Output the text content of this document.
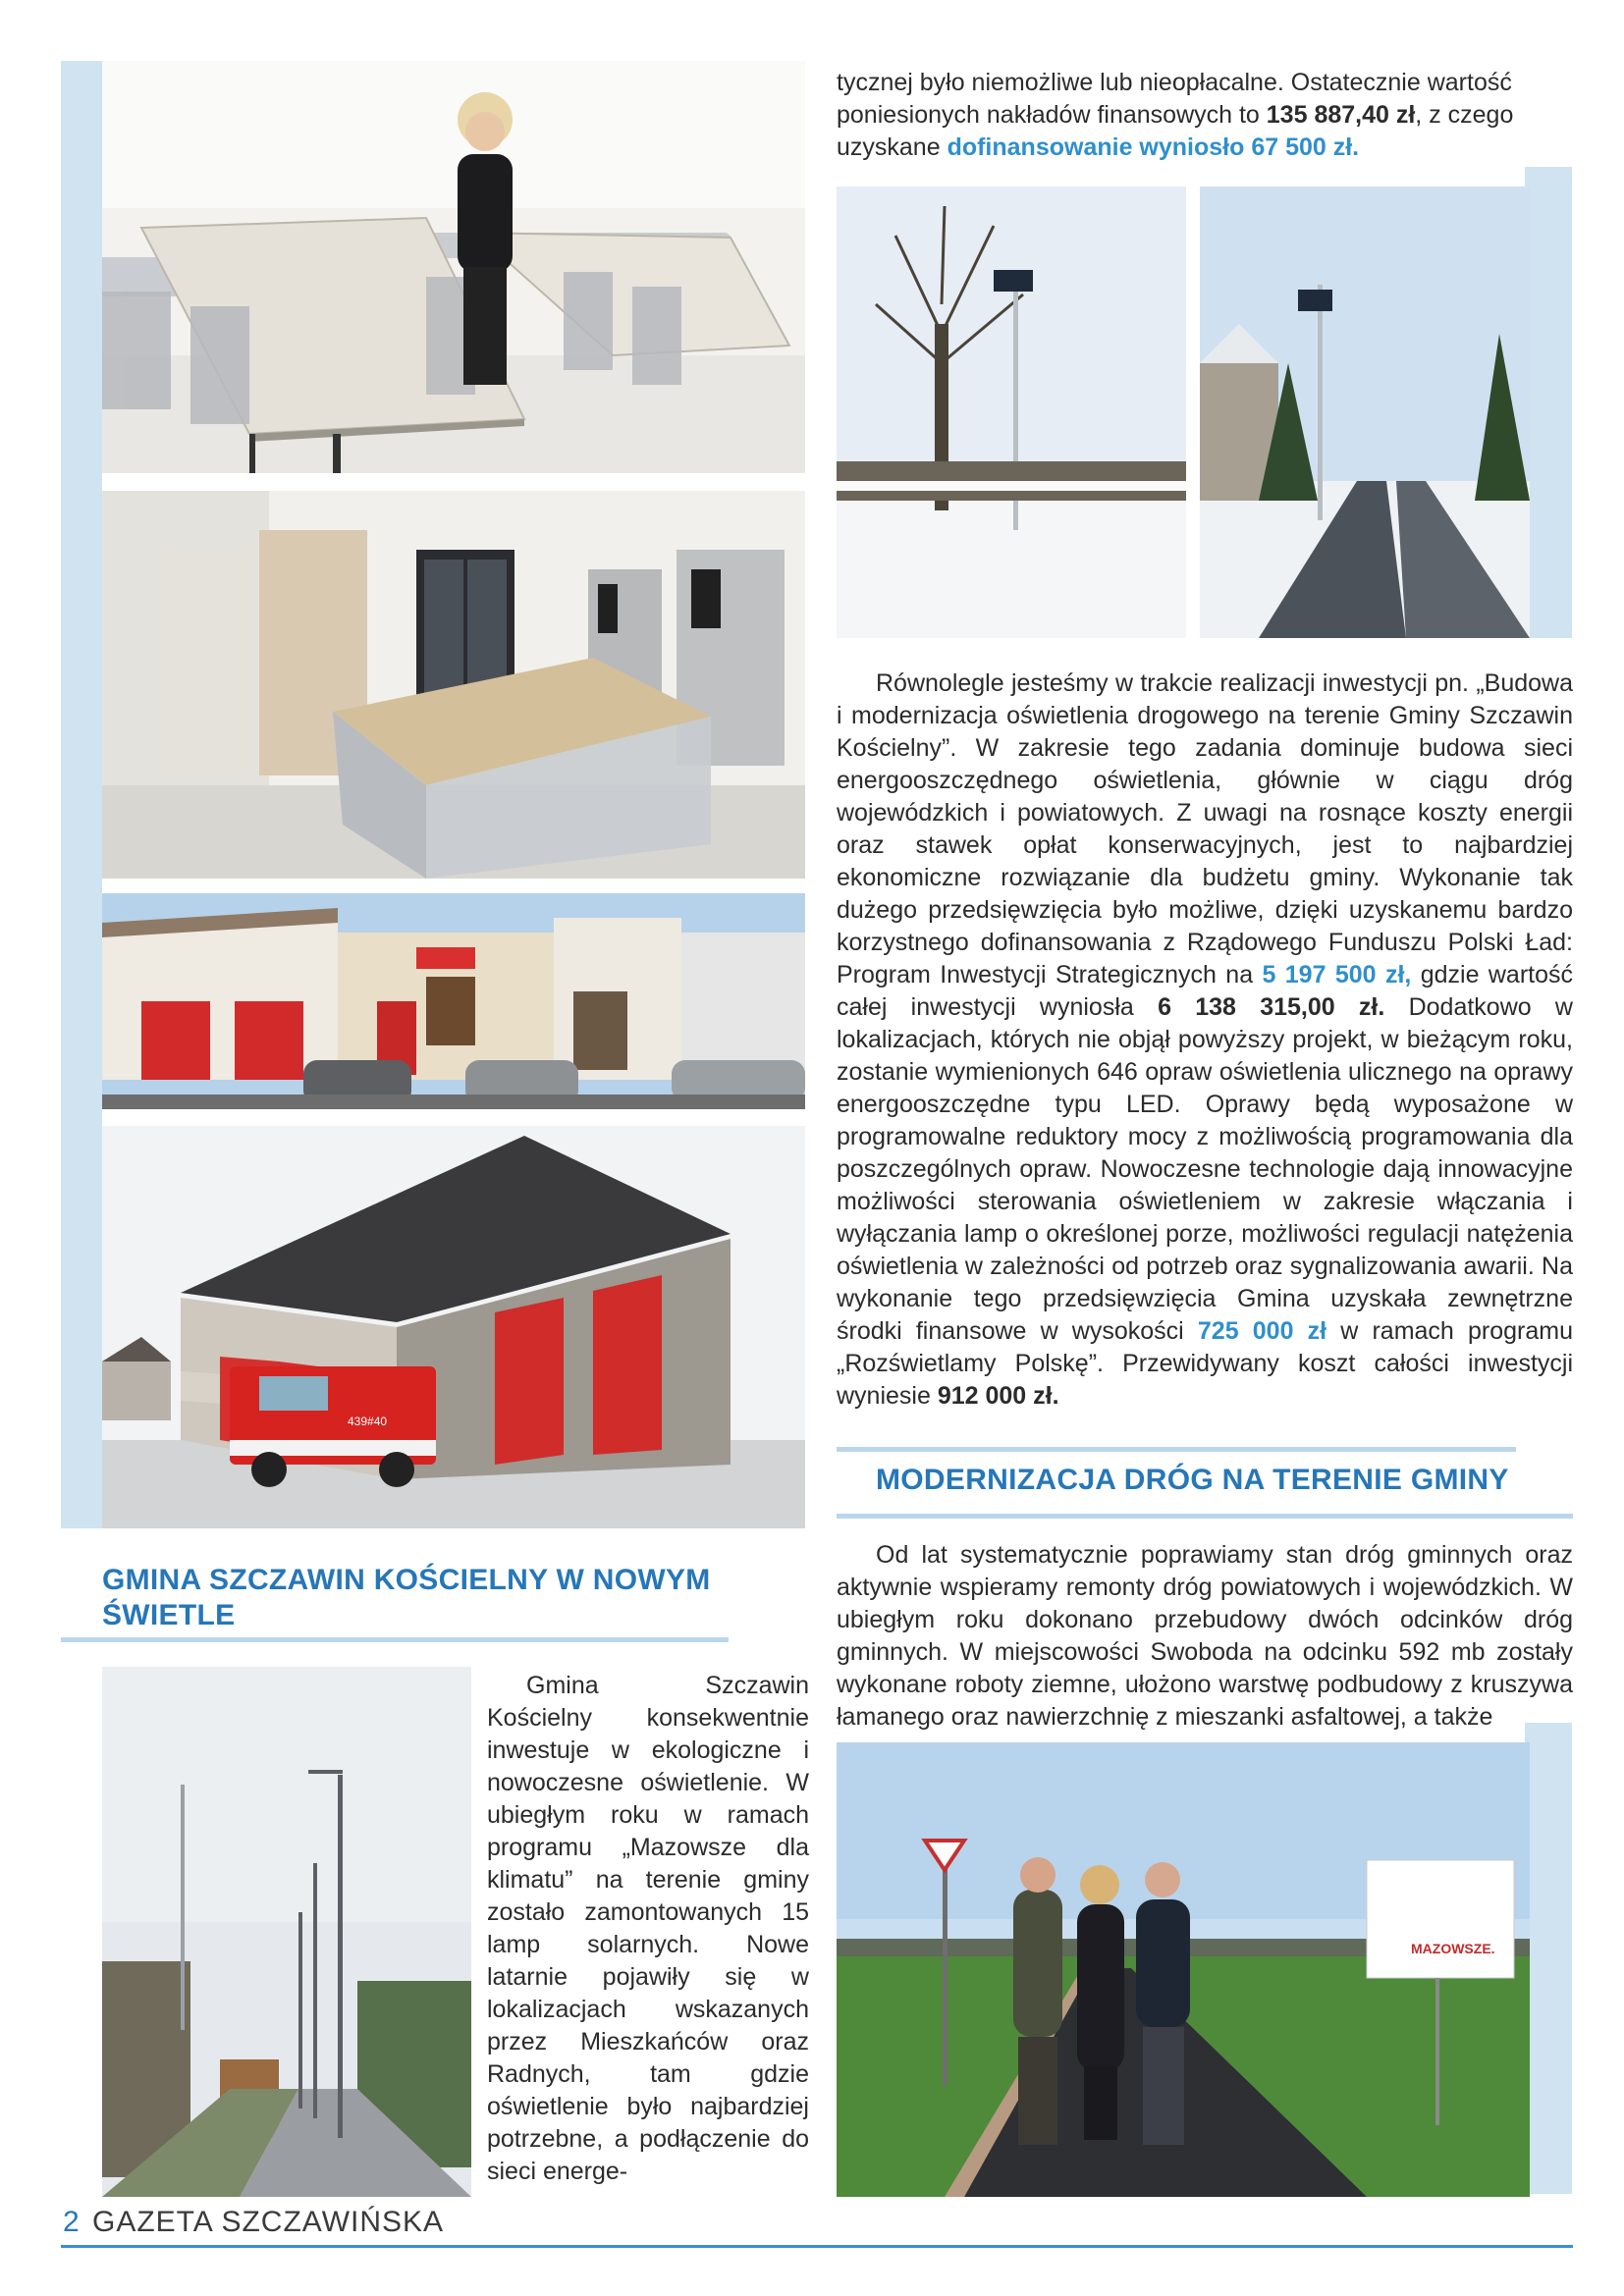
439#40
GMINA SZCZAWIN KOŚCIELNY W NOWYM ŚWIETLE

Gmina Szczawin Kościelny konsekwentnie inwestuje w ekologiczne i nowoczesne oświetlenie. W ubiegłym roku w ramach programu „Mazowsze dla klimatu” na terenie gminy zostało zamontowanych 15 lamp solarnych. Nowe latarnie pojawiły się w lokalizacjach wskazanych przez Mieszkańców oraz Radnych, tam gdzie oświetlenie było najbardziej potrzebne, a podłączenie do sieci energe-

tycznej było niemożliwe lub nieopłacalne. Ostatecznie wartość

poniesionych nakładów finansowych to 135 887,40 zł, z czego

uzyskane dofinansowanie wyniosło 67 500 zł.

Równolegle jesteśmy w trakcie realizacji inwestycji pn. „Budowa i modernizacja oświetlenia drogowego na terenie Gminy Szczawin Kościelny”. W zakresie tego zadania dominuje budowa sieci energooszczędnego oświetlenia, głównie w ciągu dróg wojewódzkich i powiatowych. Z uwagi na rosnące koszty energii oraz stawek opłat konserwacyjnych, jest to najbardziej ekonomiczne rozwiązanie dla budżetu gminy. Wykonanie tak dużego przedsięwzięcia było możliwe, dzięki uzyskanemu bardzo korzystnego dofinansowania z Rządowego Funduszu Polski Ład: Program Inwestycji Strategicznych na 5 197 500 zł, gdzie wartość całej inwestycji wyniosła 6 138 315,00 zł. Dodatkowo w lokalizacjach, których nie objął powyższy projekt, w bieżącym roku, zostanie wymienionych 646 opraw oświetlenia ulicznego na oprawy energooszczędne typu LED. Oprawy będą wyposażone w programowalne reduktory mocy z możliwością programowania dla poszczególnych opraw. Nowoczesne technologie dają innowacyjne możliwości sterowania oświetleniem w zakresie włączania i wyłączania lamp o określonej porze, możliwości regulacji natężenia oświetlenia w zależności od potrzeb oraz sygnalizowania awarii. Na wykonanie tego przedsięwzięcia Gmina uzyskała zewnętrzne środki finansowe w wysokości 725 000 zł w ramach programu „Rozświetlamy Polskę”. Przewidywany koszt całości inwestycji wyniesie 912 000 zł.

MODERNIZACJA DRÓG NA TERENIE GMINY

Od lat systematycznie poprawiamy stan dróg gminnych oraz aktywnie wspieramy remonty dróg powiatowych i wojewódzkich. W ubiegłym roku dokonano przebudowy dwóch odcinków dróg gminnych. W miejscowości Swoboda na odcinku 592 mb zostały wykonane roboty ziemne, ułożono warstwę podbudowy z kruszywa łamanego oraz nawierzchnię z mieszanki asfaltowej, a także

MAZOWSZE.
2 GAZETA SZCZAWIŃSKA
